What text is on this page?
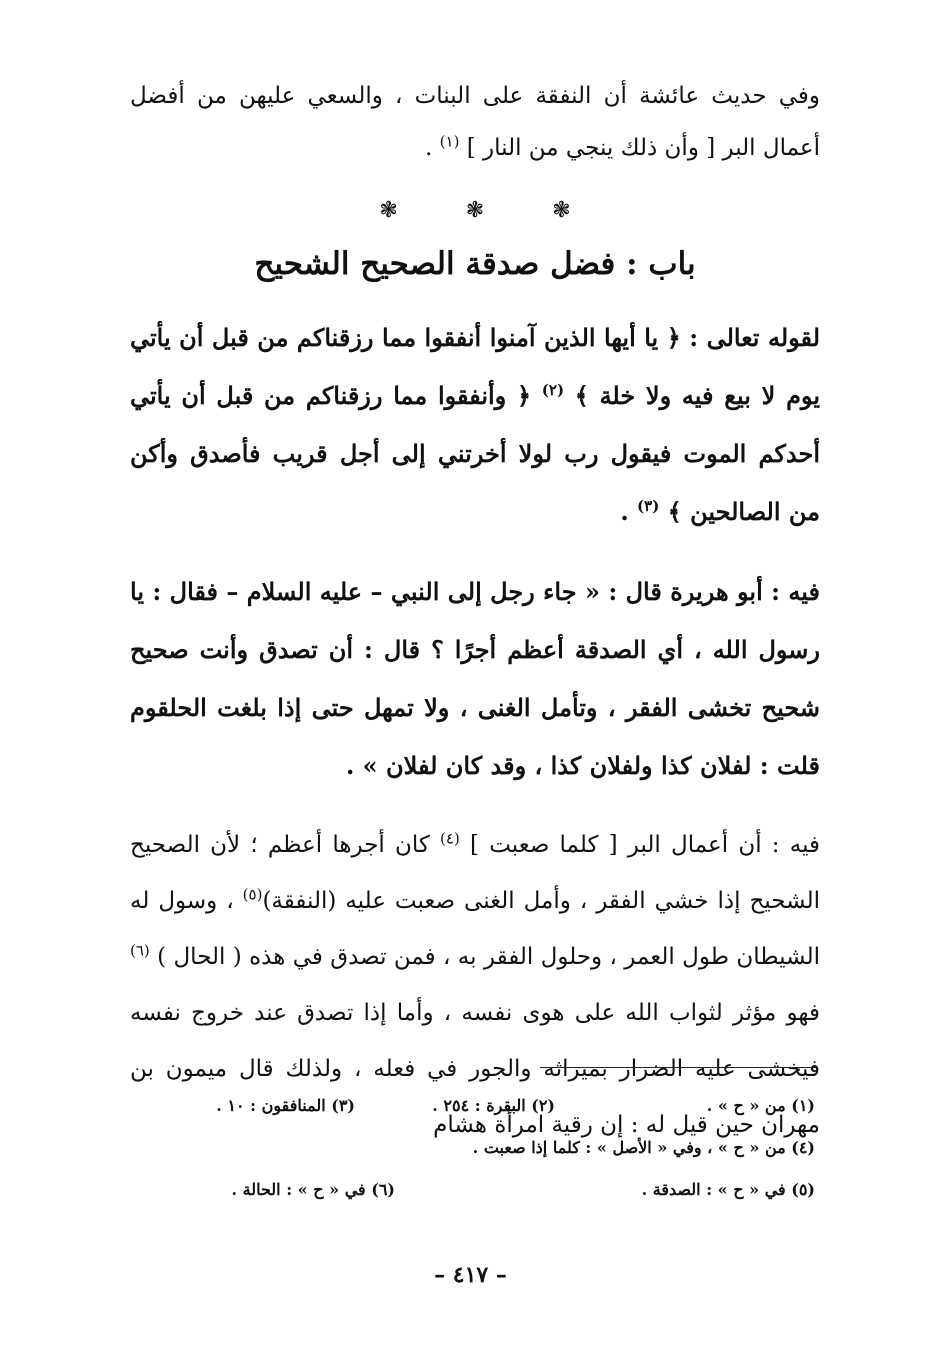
وفي حديث عائشة أن النفقة على البنات ، والسعي عليهن من أفضل أعمال البر [ وأن ذلك ينجي من النار ] $^{(١)}$ .

❃	❃	❃
باب : فضل صدقة الصحيح الشحيح

لقوله تعالى : ﴿ يا أيها الذين آمنوا أنفقوا مما رزقناكم من قبل أن يأتي يوم لا بيع فيه ولا خلة ﴾ $^{(٢)}$ ﴿ وأنفقوا مما رزقناكم من قبل أن يأتي أحدكم الموت فيقول رب لولا أخرتني إلى أجل قريب فأصدق وأكن من الصالحين ﴾ $^{(٣)}$ .

فيه : أبو هريرة قال : « جاء رجل إلى النبي – عليه السلام – فقال : يا رسول الله ، أي الصدقة أعظم أجرًا ؟ قال : أن تصدق وأنت صحيح شحيح تخشى الفقر ، وتأمل الغنى ، ولا تمهل حتى إذا بلغت الحلقوم قلت : لفلان كذا ولفلان كذا ، وقد كان لفلان » .

فيه : أن أعمال البر [ كلما صعبت ] $^{(٤)}$ كان أجرها أعظم ؛ لأن الصحيح الشحيح إذا خشي الفقر ، وأمل الغنى صعبت عليه (النفقة)$^{(٥)}$ ، وسول له الشيطان طول العمر ، وحلول الفقر به ، فمن تصدق في هذه ( الحال ) $^{(٦)}$ فهو مؤثر لثواب الله على هوى نفسه ، وأما إذا تصدق عند خروج نفسه فيخشى عليه الضرار بميراثه والجور في فعله ، ولذلك قال ميمون بن مهران حين قيل له : إن رقية امرأة هشام

(١) من « ح » .
(٢) البقرة : ٢٥٤ .
(٣) المنافقون : ١٠ .
(٤) من « ح » ، وفي « الأصل » : كلما إذا صعبت .
(٥) في « ح » : الصدقة .
(٦) في « ح » : الحالة .
– ٤١٧ –
